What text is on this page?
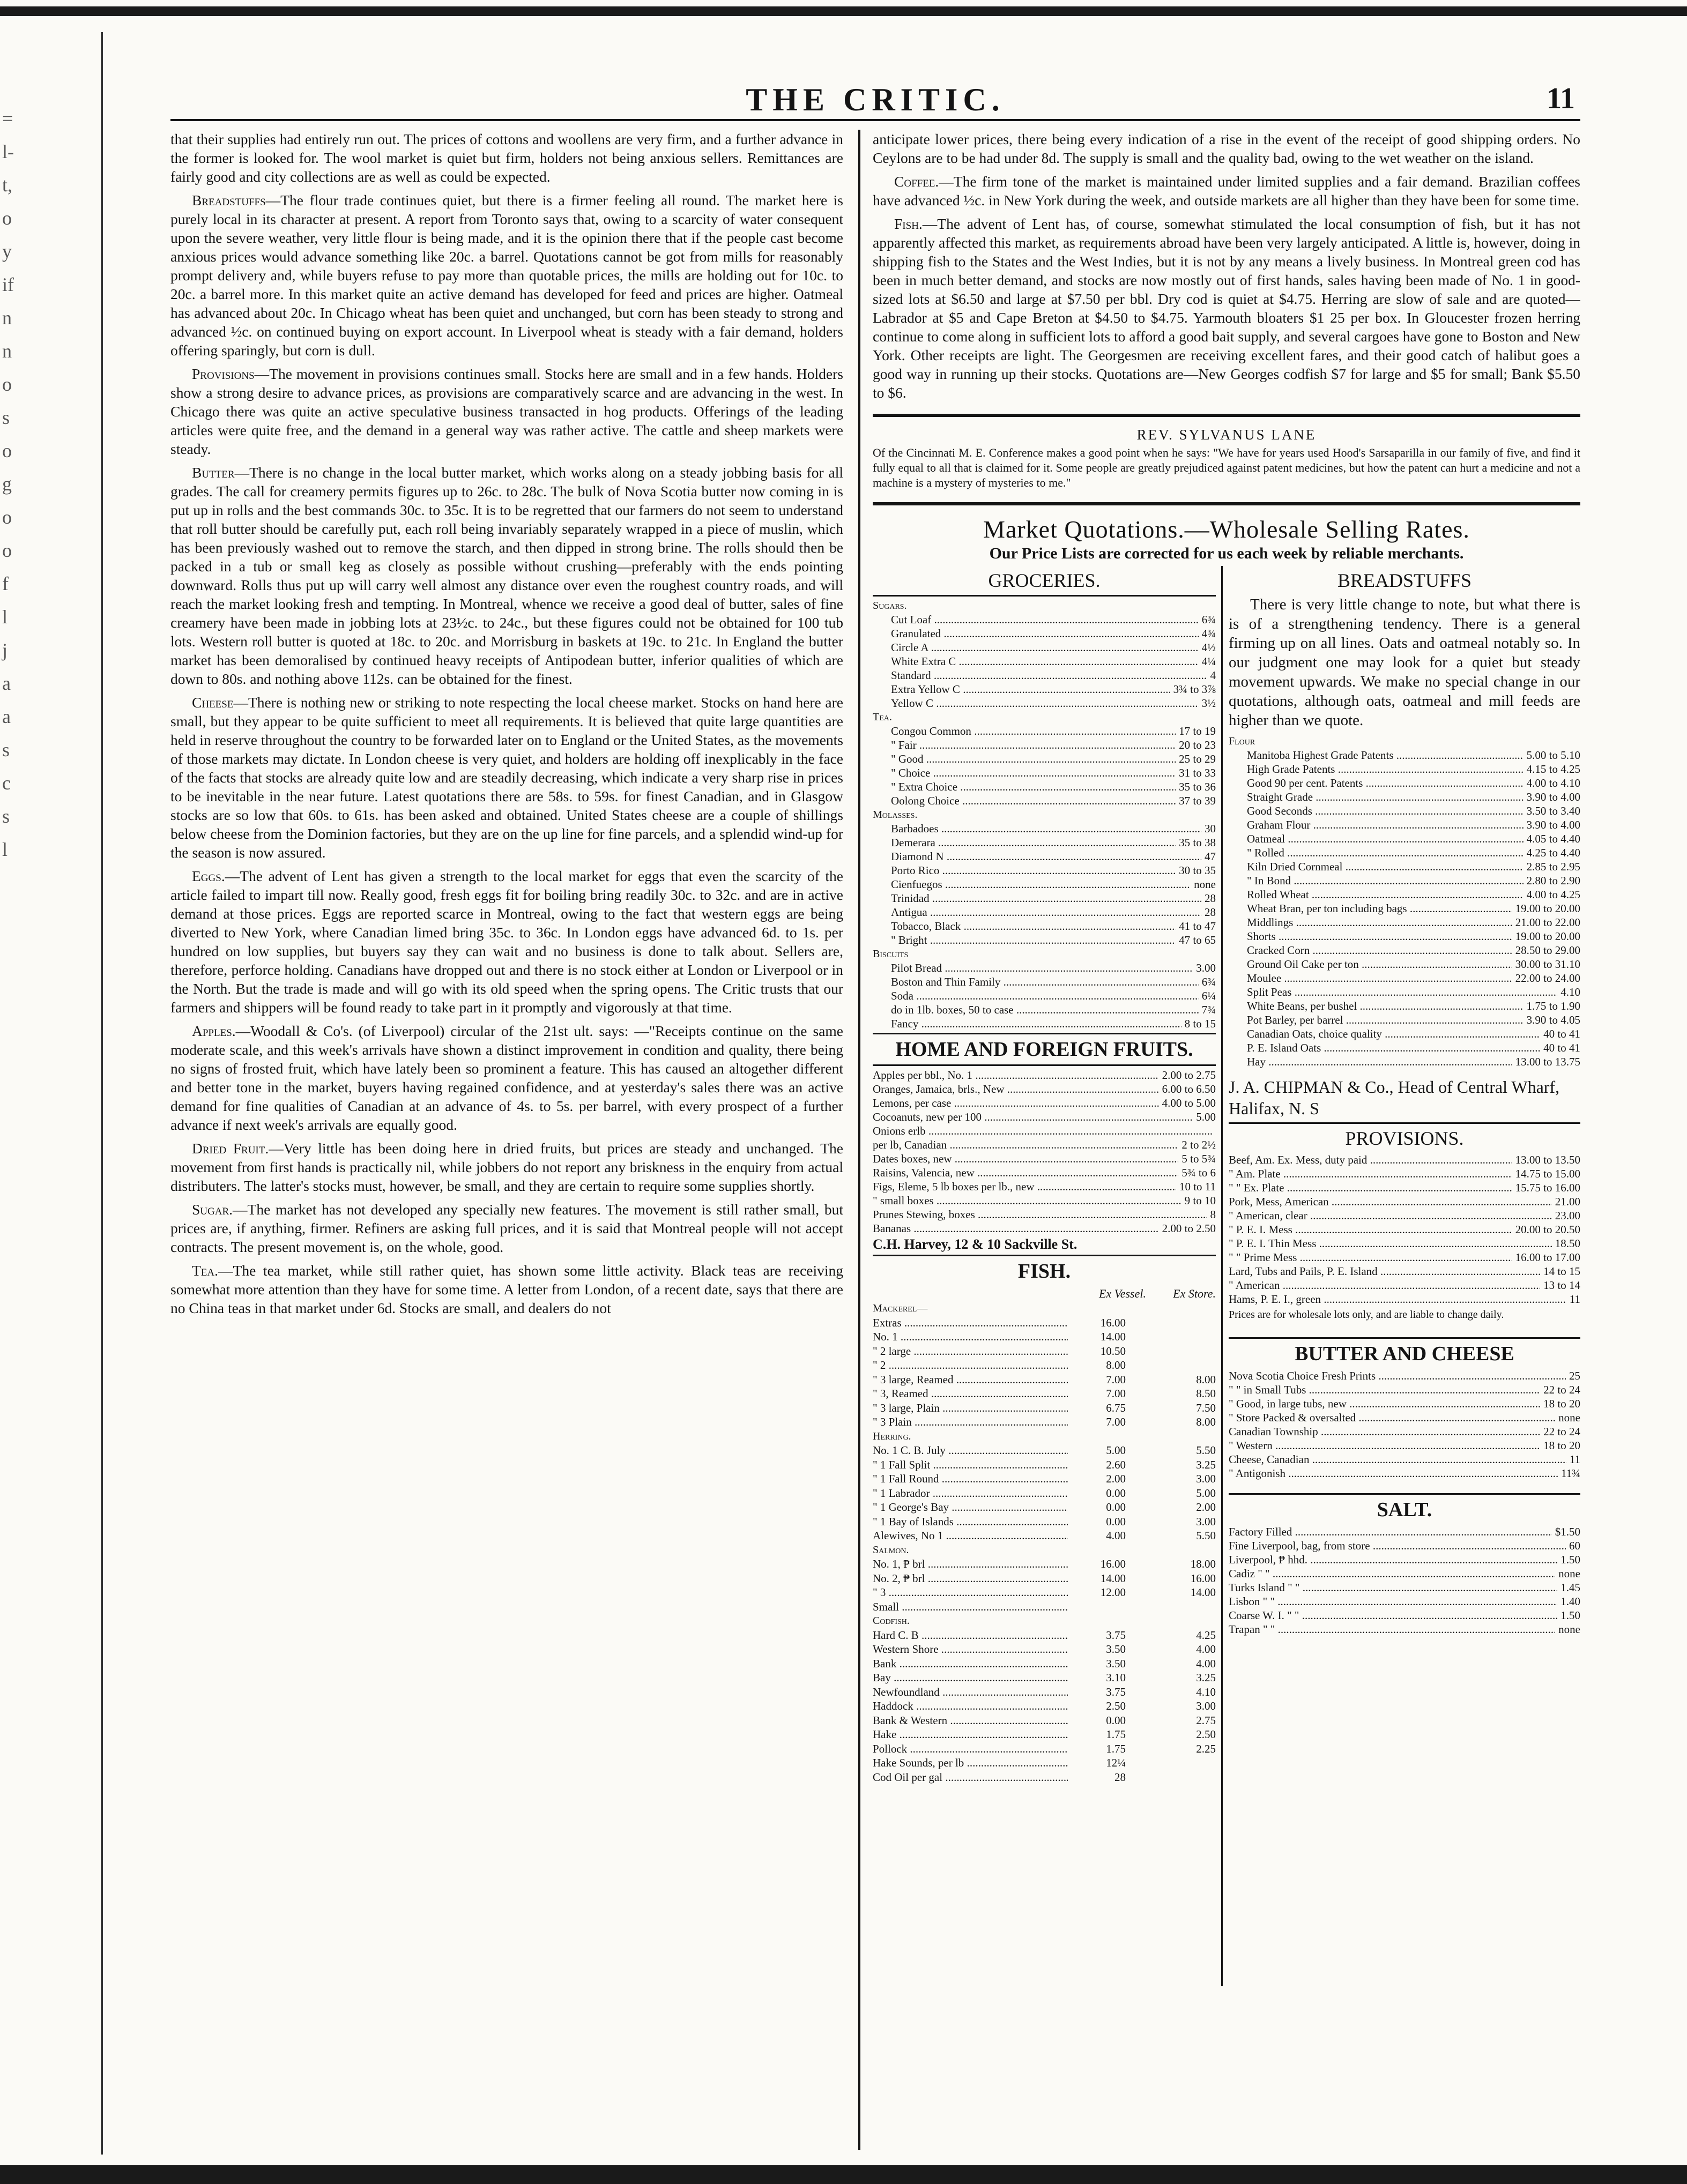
=
l-
t,
o
y
if
n
n
o
s
o
g
o
o
f
l
j
a
a
s
c
s
l
THE CRITIC.	11

that their supplies had entirely run out. The prices of cottons and woollens are very firm, and a further advance in the former is looked for. The wool market is quiet but firm, holders not being anxious sellers. Remittances are fairly good and city collections are as well as could be expected.

Breadstuffs—The flour trade continues quiet, but there is a firmer feeling all round. The market here is purely local in its character at present. A report from Toronto says that, owing to a scarcity of water consequent upon the severe weather, very little flour is being made, and it is the opinion there that if the people cast become anxious prices would advance something like 20c. a barrel. Quotations cannot be got from mills for reasonably prompt delivery and, while buyers refuse to pay more than quotable prices, the mills are holding out for 10c. to 20c. a barrel more. In this market quite an active demand has developed for feed and prices are higher. Oatmeal has advanced about 20c. In Chicago wheat has been quiet and unchanged, but corn has been steady to strong and advanced ½c. on continued buying on export account. In Liverpool wheat is steady with a fair demand, holders offering sparingly, but corn is dull.

Provisions—The movement in provisions continues small. Stocks here are small and in a few hands. Holders show a strong desire to advance prices, as provisions are comparatively scarce and are advancing in the west. In Chicago there was quite an active speculative business transacted in hog products. Offerings of the leading articles were quite free, and the demand in a general way was rather active. The cattle and sheep markets were steady.

Butter—There is no change in the local butter market, which works along on a steady jobbing basis for all grades. The call for creamery permits figures up to 26c. to 28c. The bulk of Nova Scotia butter now coming in is put up in rolls and the best commands 30c. to 35c. It is to be regretted that our farmers do not seem to understand that roll butter should be carefully put, each roll being invariably separately wrapped in a piece of muslin, which has been previously washed out to remove the starch, and then dipped in strong brine. The rolls should then be packed in a tub or small keg as closely as possible without crushing—preferably with the ends pointing downward. Rolls thus put up will carry well almost any distance over even the roughest country roads, and will reach the market looking fresh and tempting. In Montreal, whence we receive a good deal of butter, sales of fine creamery have been made in jobbing lots at 23½c. to 24c., but these figures could not be obtained for 100 tub lots. Western roll butter is quoted at 18c. to 20c. and Morrisburg in baskets at 19c. to 21c. In England the butter market has been demoralised by continued heavy receipts of Antipodean butter, inferior qualities of which are down to 80s. and nothing above 112s. can be obtained for the finest.

Cheese—There is nothing new or striking to note respecting the local cheese market. Stocks on hand here are small, but they appear to be quite sufficient to meet all requirements. It is believed that quite large quantities are held in reserve throughout the country to be forwarded later on to England or the United States, as the movements of those markets may dictate. In London cheese is very quiet, and holders are holding off inexplicably in the face of the facts that stocks are already quite low and are steadily decreasing, which indicate a very sharp rise in prices to be inevitable in the near future. Latest quotations there are 58s. to 59s. for finest Canadian, and in Glasgow stocks are so low that 60s. to 61s. has been asked and obtained. United States cheese are a couple of shillings below cheese from the Dominion factories, but they are on the up line for fine parcels, and a splendid wind-up for the season is now assured.

Eggs.—The advent of Lent has given a strength to the local market for eggs that even the scarcity of the article failed to impart till now. Really good, fresh eggs fit for boiling bring readily 30c. to 32c. and are in active demand at those prices. Eggs are reported scarce in Montreal, owing to the fact that western eggs are being diverted to New York, where Canadian limed bring 35c. to 36c. In London eggs have advanced 6d. to 1s. per hundred on low supplies, but buyers say they can wait and no business is done to talk about. Sellers are, therefore, perforce holding. Canadians have dropped out and there is no stock either at London or Liverpool or in the North. But the trade is made and will go with its old speed when the spring opens. The Critic trusts that our farmers and shippers will be found ready to take part in it promptly and vigorously at that time.

Apples.—Woodall & Co's. (of Liverpool) circular of the 21st ult. says: —"Receipts continue on the same moderate scale, and this week's arrivals have shown a distinct improvement in condition and quality, there being no signs of frosted fruit, which have lately been so prominent a feature. This has caused an altogether different and better tone in the market, buyers having regained confidence, and at yesterday's sales there was an active demand for fine qualities of Canadian at an advance of 4s. to 5s. per barrel, with every prospect of a further advance if next week's arrivals are equally good.

Dried Fruit.—Very little has been doing here in dried fruits, but prices are steady and unchanged. The movement from first hands is practically nil, while jobbers do not report any briskness in the enquiry from actual distributers. The latter's stocks must, however, be small, and they are certain to require some supplies shortly.

Sugar.—The market has not developed any specially new features. The movement is still rather small, but prices are, if anything, firmer. Refiners are asking full prices, and it is said that Montreal people will not accept contracts. The present movement is, on the whole, good.

Tea.—The tea market, while still rather quiet, has shown some little activity. Black teas are receiving somewhat more attention than they have for some time. A letter from London, of a recent date, says that there are no China teas in that market under 6d. Stocks are small, and dealers do not

anticipate lower prices, there being every indication of a rise in the event of the receipt of good shipping orders. No Ceylons are to be had under 8d. The supply is small and the quality bad, owing to the wet weather on the island.

Coffee.—The firm tone of the market is maintained under limited supplies and a fair demand. Brazilian coffees have advanced ½c. in New York during the week, and outside markets are all higher than they have been for some time.

Fish.—The advent of Lent has, of course, somewhat stimulated the local consumption of fish, but it has not apparently affected this market, as requirements abroad have been very largely anticipated. A little is, however, doing in shipping fish to the States and the West Indies, but it is not by any means a lively business. In Montreal green cod has been in much better demand, and stocks are now mostly out of first hands, sales having been made of No. 1 in good-sized lots at $6.50 and large at $7.50 per bbl. Dry cod is quiet at $4.75. Herring are slow of sale and are quoted—Labrador at $5 and Cape Breton at $4.50 to $4.75. Yarmouth bloaters $1 25 per box. In Gloucester frozen herring continue to come along in sufficient lots to afford a good bait supply, and several cargoes have gone to Boston and New York. Other receipts are light. The Georgesmen are receiving excellent fares, and their good catch of halibut goes a good way in running up their stocks. Quotations are—New Georges codfish $7 for large and $5 for small; Bank $5.50 to $6.

REV. SYLVANUS LANE

Of the Cincinnati M. E. Conference makes a good point when he says: "We have for years used Hood's Sarsaparilla in our family of five, and find it fully equal to all that is claimed for it. Some people are greatly prejudiced against patent medicines, but how the patent can hurt a medicine and not a machine is a mystery of mysteries to me."

Market Quotations.—Wholesale Selling Rates.
Our Price Lists are corrected for us each week by reliable merchants.
GROCERIES.
Sugars.
Cut Loaf .....	6¾
Granulated .....	4¾
Circle A .....	4½
White Extra C .....	4¼
Standard .....	4
Extra Yellow C .....	3¾ to 3⅞
Yellow C .....	3½
Tea.
Congou Common .....	17 to 19
" Fair .....	20 to 23
" Good .....	25 to 29
" Choice .....	31 to 33
" Extra Choice .....	35 to 36
Oolong Choice .....	37 to 39
Molasses.
Barbadoes .....	30
Demerara .....	35 to 38
Diamond N .....	47
Porto Rico .....	30 to 35
Cienfuegos .....	none
Trinidad .....	28
Antigua .....	28
Tobacco, Black .....	41 to 47
" Bright .....	47 to 65
Biscuits
Pilot Bread .....	3.00
Boston and Thin Family .....	6¾
Soda .....	6¼
do in 1lb. boxes, 50 to case .....	7¾
Fancy .....	8 to 15
HOME AND FOREIGN FRUITS.
Apples per bbl., No. 1 .....	2.00 to 2.75
Oranges, Jamaica, brls., New .....	6.00 to 6.50
Lemons, per case .....	4.00 to 5.00
Cocoanuts, new per 100 .....	5.00
Onions erlb .....
per lb, Canadian .....	2 to 2½
Dates boxes, new .....	5 to 5¾
Raisins, Valencia, new .....	5¾ to 6
Figs, Eleme, 5 lb boxes per lb., new .....	10 to 11
" small boxes .....	9 to 10
Prunes Stewing, boxes .....	8
Bananas .....	2.00 to 2.50
C.H. Harvey, 12 & 10 Sackville St.
FISH.
Ex Vessel.	Ex Store.
Mackerel—
Extras .....	16.00
No. 1 .....	14.00
" 2 large .....	10.50
" 2 .....	8.00
" 3 large, Reamed .....	7.00	8.00
" 3, Reamed .....	7.00	8.50
" 3 large, Plain .....	6.75	7.50
" 3 Plain .....	7.00	8.00
Herring.
No. 1 C. B. July .....	5.00	5.50
" 1 Fall Split .....	2.60	3.25
" 1 Fall Round .....	2.00	3.00
" 1 Labrador .....	0.00	5.00
" 1 George's Bay .....	0.00	2.00
" 1 Bay of Islands .....	0.00	3.00
Alewives, No 1 .....	4.00	5.50
Salmon.
No. 1, ₱ brl .....	16.00	18.00
No. 2, ₱ brl .....	14.00	16.00
" 3 .....	12.00	14.00
Small .....
Codfish.
Hard C. B .....	3.75	4.25
Western Shore .....	3.50	4.00
Bank .....	3.50	4.00
Bay .....	3.10	3.25
Newfoundland .....	3.75	4.10
Haddock .....	2.50	3.00
Bank & Western .....	0.00	2.75
Hake .....	1.75	2.50
Pollock .....	1.75	2.25
Hake Sounds, per lb .....	12¼
Cod Oil per gal .....	28
BREADSTUFFS

There is very little change to note, but what there is is of a strengthening tendency. There is a general firming up on all lines. Oats and oatmeal notably so. In our judgment one may look for a quiet but steady movement upwards. We make no special change in our quotations, although oats, oatmeal and mill feeds are higher than we quote.

Flour
Manitoba Highest Grade Patents .....	5.00 to 5.10
High Grade Patents .....	4.15 to 4.25
Good 90 per cent. Patents .....	4.00 to 4.10
Straight Grade .....	3.90 to 4.00
Good Seconds .....	3.50 to 3.40
Graham Flour .....	3.90 to 4.00
Oatmeal .....	4.05 to 4.40
" Rolled .....	4.25 to 4.40
Kiln Dried Cornmeal .....	2.85 to 2.95
" In Bond .....	2.80 to 2.90
Rolled Wheat .....	4.00 to 4.25
Wheat Bran, per ton including bags .....	19.00 to 20.00
Middlings .....	21.00 to 22.00
Shorts .....	19.00 to 20.00
Cracked Corn .....	28.50 to 29.00
Ground Oil Cake per ton .....	30.00 to 31.10
Moulee .....	22.00 to 24.00
Split Peas .....	4.10
White Beans, per bushel .....	1.75 to 1.90
Pot Barley, per barrel .....	3.90 to 4.05
Canadian Oats, choice quality .....	40 to 41
P. E. Island Oats .....	40 to 41
Hay .....	13.00 to 13.75
J. A. CHIPMAN & Co., Head of Central Wharf, Halifax, N. S
PROVISIONS.
Beef, Am. Ex. Mess, duty paid .....	13.00 to 13.50
" Am. Plate .....	14.75 to 15.00
" " Ex. Plate .....	15.75 to 16.00
Pork, Mess, American .....	21.00
" American, clear .....	23.00
" P. E. I. Mess .....	20.00 to 20.50
" P. E. I. Thin Mess .....	18.50
" " Prime Mess .....	16.00 to 17.00
Lard, Tubs and Pails, P. E. Island .....	14 to 15
" American .....	13 to 14
Hams, P. E. I., green .....	11
Prices are for wholesale lots only, and are liable to change daily.
BUTTER AND CHEESE
Nova Scotia Choice Fresh Prints .....	25
" " in Small Tubs .....	22 to 24
" Good, in large tubs, new .....	18 to 20
" Store Packed & oversalted .....	none
Canadian Township .....	22 to 24
" Western .....	18 to 20
Cheese, Canadian .....	11
" Antigonish .....	11¾
SALT.
Factory Filled .....	$1.50
Fine Liverpool, bag, from store .....	60
Liverpool, ₱ hhd. .....	1.50
Cadiz " " .....	none
Turks Island " " .....	1.45
Lisbon " " .....	1.40
Coarse W. I. " " .....	1.50
Trapan " " .....	none
